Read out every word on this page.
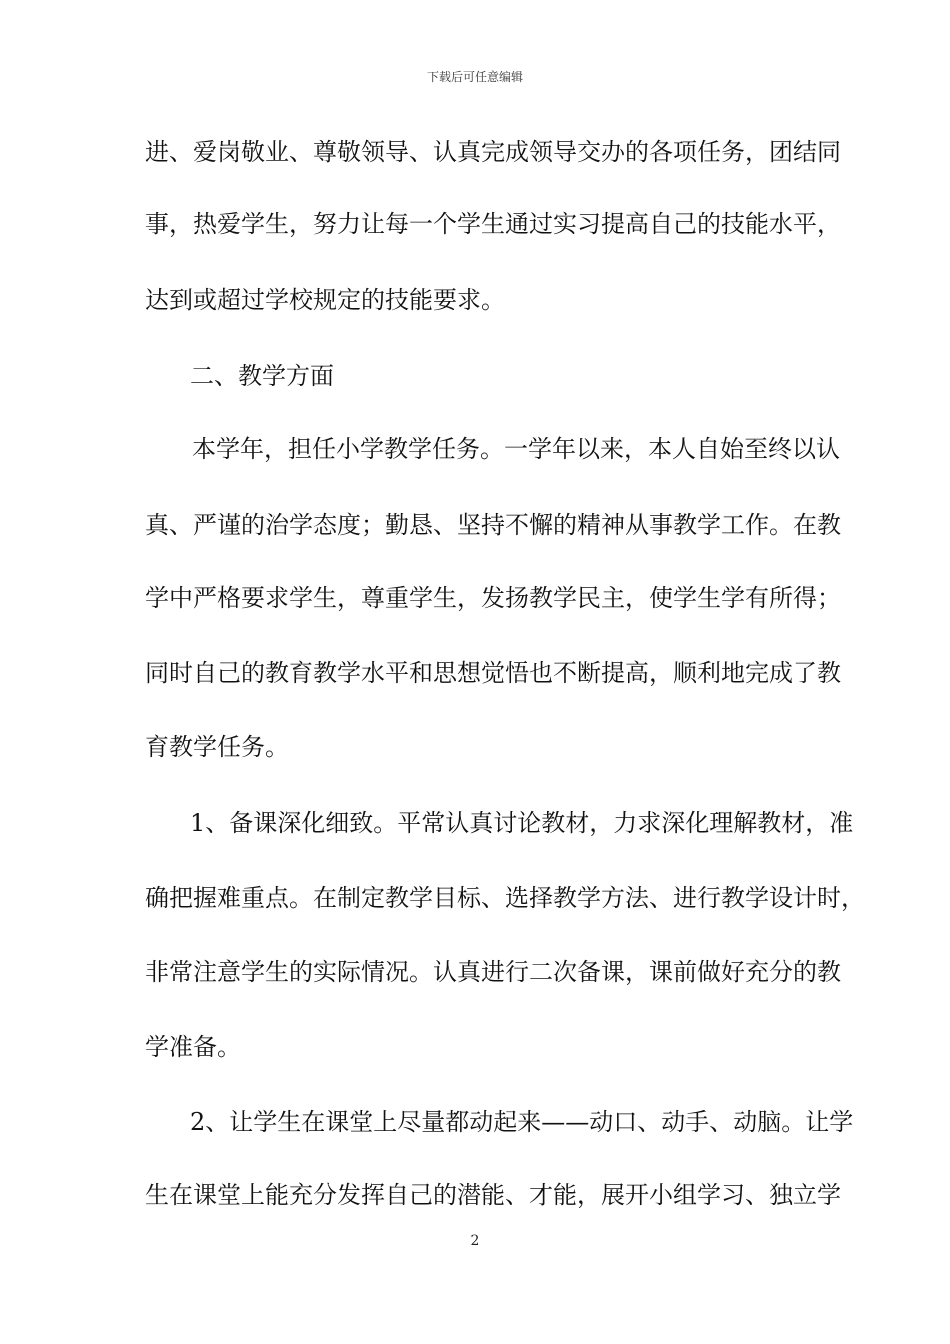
下载后可任意编辑
进、爱岗敬业、尊敬领导、认真完成领导交办的各项任务，团结同
事，热爱学生，努力让每一个学生通过实习提高自己的技能水平，
达到或超过学校规定的技能要求。
二、教学方面
本学年，担任小学教学任务。一学年以来，本人自始至终以认
真、严谨的治学态度；勤恳、坚持不懈的精神从事教学工作。在教
学中严格要求学生，尊重学生，发扬教学民主，使学生学有所得；
同时自己的教育教学水平和思想觉悟也不断提高，顺利地完成了教
育教学任务。
1、备课深化细致。平常认真讨论教材，力求深化理解教材，准
确把握难重点。在制定教学目标、选择教学方法、进行教学设计时，
非常注意学生的实际情况。认真进行二次备课，课前做好充分的教
学准备。
2、让学生在课堂上尽量都动起来——动口、动手、动脑。让学
生在课堂上能充分发挥自己的潜能、才能，展开小组学习、独立学
2
